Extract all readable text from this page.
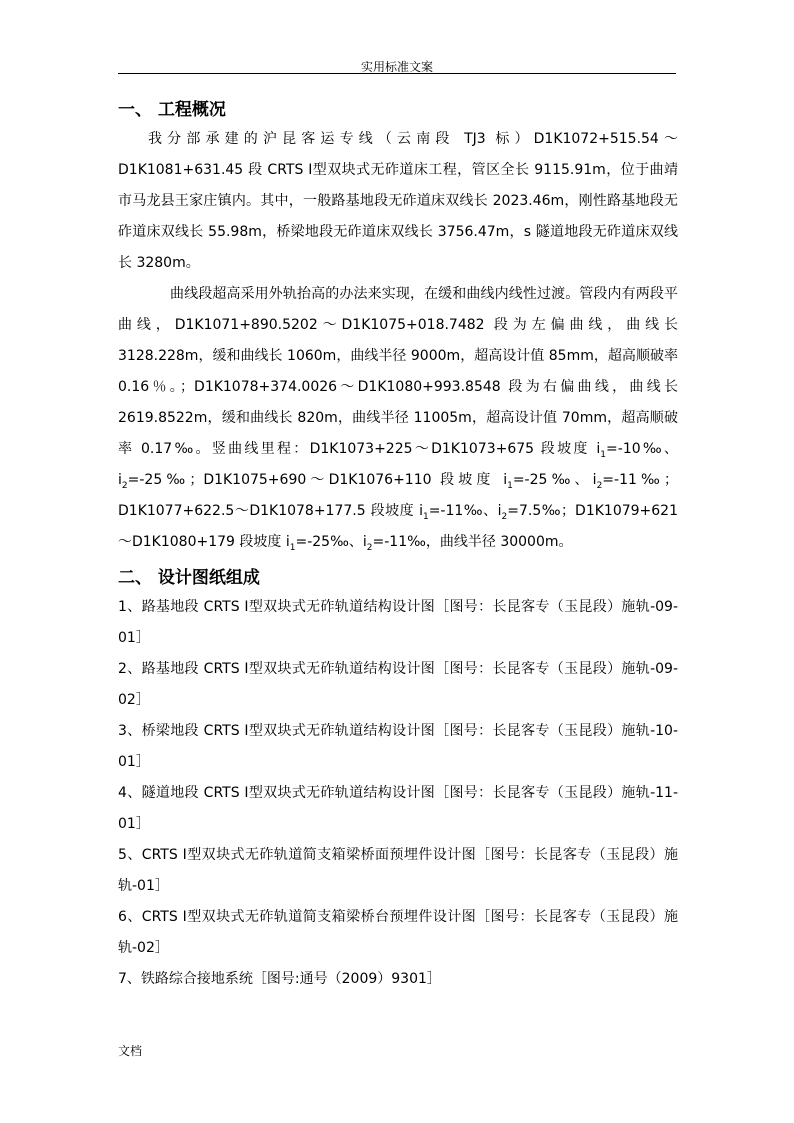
实用标准文案
一、 工程概况

我分部承建的沪昆客运专线（云南段 TJ3 标）D1K1072+515.54～D1K1081+631.45 段 CRTS Ⅰ型双块式无砟道床工程，管区全长 9115.91m，位于曲靖市马龙县王家庄镇内。其中，一般路基地段无砟道床双线长 2023.46m，刚性路基地段无砟道床双线长 55.98m，桥梁地段无砟道床双线长 3756.47m，s 隧道地段无砟道床双线长 3280m。

曲线段超高采用外轨抬高的办法来实现，在缓和曲线内线性过渡。管段内有两段平曲线，D1K1071+890.5202～D1K1075+018.7482 段为左偏曲线，曲线长 3128.228m，缓和曲线长 1060m，曲线半径 9000m，超高设计值 85mm，超高顺破率 0.16％。；D1K1078+374.0026～D1K1080+993.8548 段为右偏曲线，曲线长 2619.8522m，缓和曲线长 820m，曲线半径 11005m，超高设计值 70mm，超高顺破率 0.17‰。竖曲线里程：D1K1073+225～D1K1073+675 段坡度 $i_1=-10‰$、$i_2=-25‰$；D1K1075+690～D1K1076+110 段坡度 $i_1=-25‰$、$i_2=-11‰$；D1K1077+622.5～D1K1078+177.5 段坡度 $i_1=-11‰$、$i_2=7.5‰$；D1K1079+621～D1K1080+179 段坡度 $i_1=-25‰$、$i_2=-11‰$，曲线半径 30000m。

二、 设计图纸组成

1、路基地段 CRTS Ⅰ型双块式无砟轨道结构设计图［图号：长昆客专（玉昆段）施轨-09-01］

2、路基地段 CRTS Ⅰ型双块式无砟轨道结构设计图［图号：长昆客专（玉昆段）施轨-09-02］

3、桥梁地段 CRTS Ⅰ型双块式无砟轨道结构设计图［图号：长昆客专（玉昆段）施轨-10-01］

4、隧道地段 CRTS Ⅰ型双块式无砟轨道结构设计图［图号：长昆客专（玉昆段）施轨-11-01］

5、CRTS Ⅰ型双块式无砟轨道简支箱梁桥面预埋件设计图［图号：长昆客专（玉昆段）施轨-01］

6、CRTS Ⅰ型双块式无砟轨道简支箱梁桥台预埋件设计图［图号：长昆客专（玉昆段）施轨-02］

7、铁路综合接地系统［图号:通号（2009）9301］

文档
